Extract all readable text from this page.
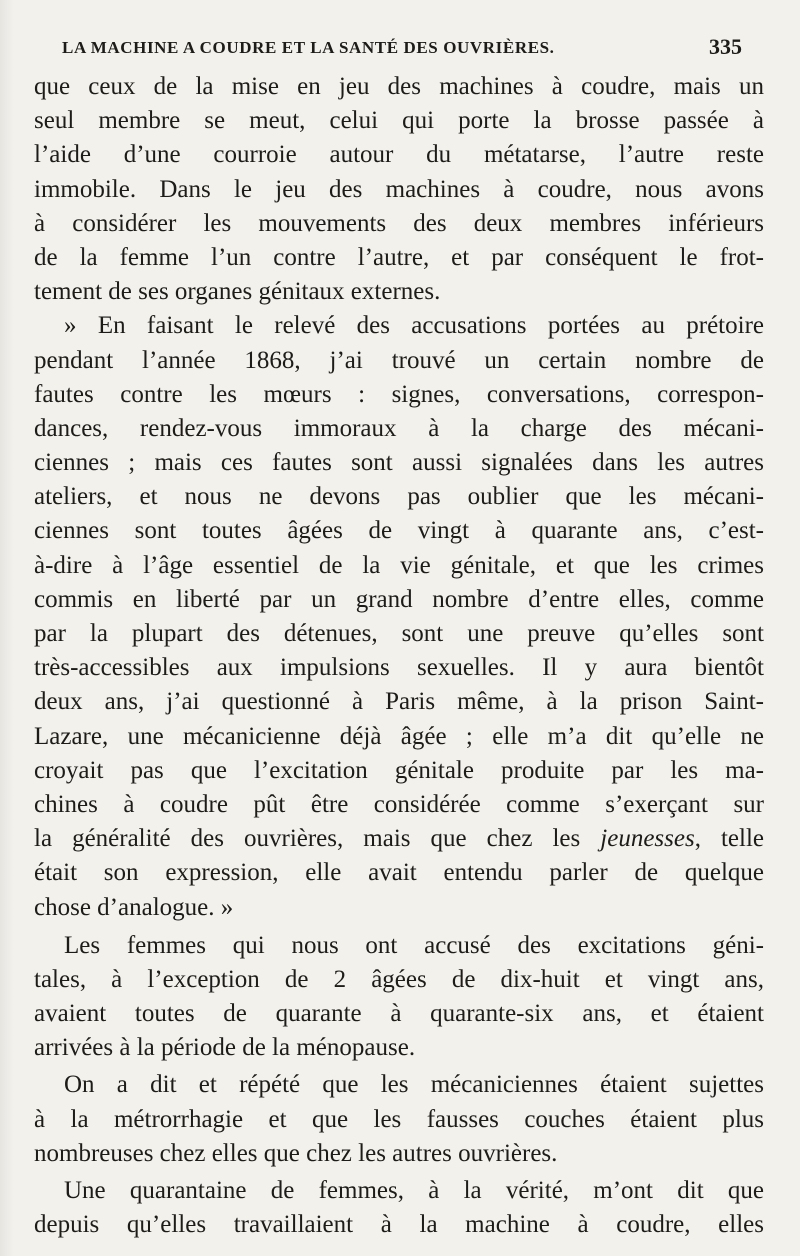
LA MACHINE A COUDRE ET LA SANTÉ DES OUVRIÈRES.	335
que ceux de la mise en jeu des machines à coudre, mais un
seul membre se meut, celui qui porte la brosse passée à
l’aide d’une courroie autour du métatarse, l’autre reste
immobile. Dans le jeu des machines à coudre, nous avons
à considérer les mouvements des deux membres inférieurs
de la femme l’un contre l’autre, et par conséquent le frot-
tement de ses organes génitaux externes.
» En faisant le relevé des accusations portées au prétoire
pendant l’année 1868, j’ai trouvé un certain nombre de
fautes contre les mœurs : signes, conversations, correspon-
dances, rendez-vous immoraux à la charge des mécani-
ciennes ; mais ces fautes sont aussi signalées dans les autres
ateliers, et nous ne devons pas oublier que les mécani-
ciennes sont toutes âgées de vingt à quarante ans, c’est-
à-dire à l’âge essentiel de la vie génitale, et que les crimes
commis en liberté par un grand nombre d’entre elles, comme
par la plupart des détenues, sont une preuve qu’elles sont
très-accessibles aux impulsions sexuelles. Il y aura bientôt
deux ans, j’ai questionné à Paris même, à la prison Saint-
Lazare, une mécanicienne déjà âgée ; elle m’a dit qu’elle ne
croyait pas que l’excitation génitale produite par les ma-
chines à coudre pût être considérée comme s’exerçant sur
la généralité des ouvrières, mais que chez les jeunesses, telle
était son expression, elle avait entendu parler de quelque
chose d’analogue. »
Les femmes qui nous ont accusé des excitations géni-
tales, à l’exception de 2 âgées de dix-huit et vingt ans,
avaient toutes de quarante à quarante-six ans, et étaient
arrivées à la période de la ménopause.
On a dit et répété que les mécaniciennes étaient sujettes
à la métrorrhagie et que les fausses couches étaient plus
nombreuses chez elles que chez les autres ouvrières.
Une quarantaine de femmes, à la vérité, m’ont dit que
depuis qu’elles travaillaient à la machine à coudre, elles
